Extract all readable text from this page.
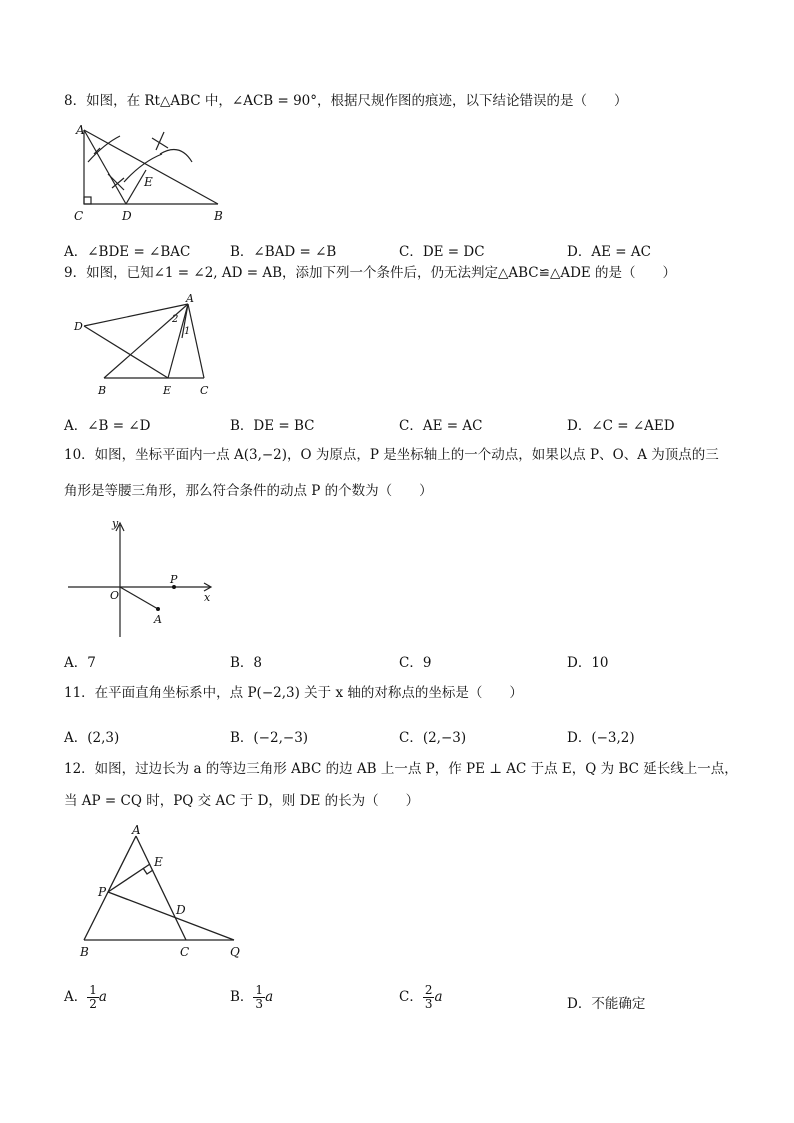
8．如图，在 Rt△ABC 中，∠ACB = 90°，根据尺规作图的痕迹，以下结论错误的是（　　）
A
C	D	B
E
A．∠BDE = ∠BAC	B．∠BAD = ∠B	C．DE = DC	D．AE = AC
9．如图，已知∠1 = ∠2, AD = AB，添加下列一个条件后，仍无法判定△ABC≌△ADE 的是（　　）
A
D
B	E	C
2
1
A．∠B = ∠D	B．DE = BC	C．AE = AC	D．∠C = ∠AED
10．如图，坐标平面内一点 A(3,−2)，O 为原点，P 是坐标轴上的一个动点，如果以点 P、O、A 为顶点的三
角形是等腰三角形，那么符合条件的动点 P 的个数为（　　）
y
x
O
P
A
A．7	B．8	C．9	D．10
11．在平面直角坐标系中，点 P(−2,3) 关于 x 轴的对称点的坐标是（　　）
A．(2,3)	B．(−2,−3)	C．(2,−3)	D．(−3,2)
12．如图，过边长为 a 的等边三角形 ABC 的边 AB 上一点 P，作 PE ⊥ AC 于点 E，Q 为 BC 延长线上一点，
当 AP = CQ 时，PQ 交 AC 于 D，则 DE 的长为（　　）
A
E
P
D
B	C	Q
A． $\frac{1}{2}$ a	B． $\frac{1}{3}$ a	C． $\frac{2}{3}$ a	D．不能确定
